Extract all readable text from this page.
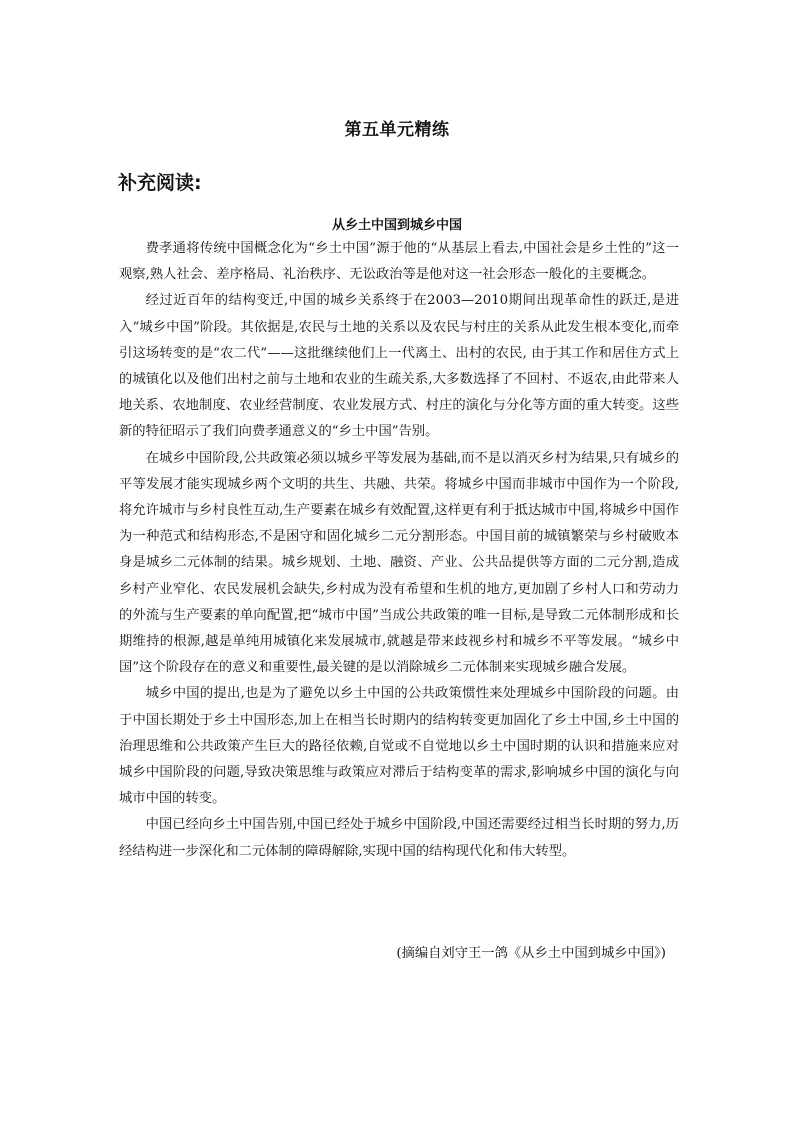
第五单元精练
补充阅读:
从乡土中国到城乡中国

费孝通将传统中国概念化为“乡土中国”源于他的“从基层上看去,中国社会是乡土性的”这一观察,熟人社会、差序格局、礼治秩序、无讼政治等是他对这一社会形态一般化的主要概念。

经过近百年的结构变迁,中国的城乡关系终于在2003—2010期间出现革命性的跃迁,是进入“城乡中国”阶段。其依据是,农民与土地的关系以及农民与村庄的关系从此发生根本变化,而牵引这场转变的是“农二代”——这批继续他们上一代离土、出村的农民, 由于其工作和居住方式上的城镇化以及他们出村之前与土地和农业的生疏关系,大多数选择了不回村、不返农,由此带来人地关系、农地制度、农业经营制度、农业发展方式、村庄的演化与分化等方面的重大转变。这些新的特征昭示了我们向费孝通意义的“乡土中国”告别。

在城乡中国阶段,公共政策必须以城乡平等发展为基础,而不是以消灭乡村为结果,只有城乡的平等发展才能实现城乡两个文明的共生、共融、共荣。将城乡中国而非城市中国作为一个阶段,将允许城市与乡村良性互动,生产要素在城乡有效配置,这样更有利于抵达城市中国,将城乡中国作为一种范式和结构形态,不是困守和固化城乡二元分割形态。中国目前的城镇繁荣与乡村破败本身是城乡二元体制的结果。城乡规划、土地、融资、产业、公共品提供等方面的二元分割,造成乡村产业窄化、农民发展机会缺失,乡村成为没有希望和生机的地方,更加剧了乡村人口和劳动力的外流与生产要素的单向配置,把“城市中国”当成公共政策的唯一目标,是导致二元体制形成和长期维持的根源,越是单纯用城镇化来发展城市,就越是带来歧视乡村和城乡不平等发展。“城乡中国”这个阶段存在的意义和重要性,最关键的是以消除城乡二元体制来实现城乡融合发展。

城乡中国的提出,也是为了避免以乡土中国的公共政策惯性来处理城乡中国阶段的问题。由于中国长期处于乡土中国形态,加上在相当长时期内的结构转变更加固化了乡土中国,乡土中国的治理思维和公共政策产生巨大的路径依赖,自觉或不自觉地以乡土中国时期的认识和措施来应对城乡中国阶段的问题,导致决策思维与政策应对滞后于结构变革的需求,影响城乡中国的演化与向城市中国的转变。

中国已经向乡土中国告别,中国已经处于城乡中国阶段,中国还需要经过相当长时期的努力,历经结构进一步深化和二元体制的障碍解除,实现中国的结构现代化和伟大转型。

(摘编自刘守王一鸽《从乡土中国到城乡中国》)
